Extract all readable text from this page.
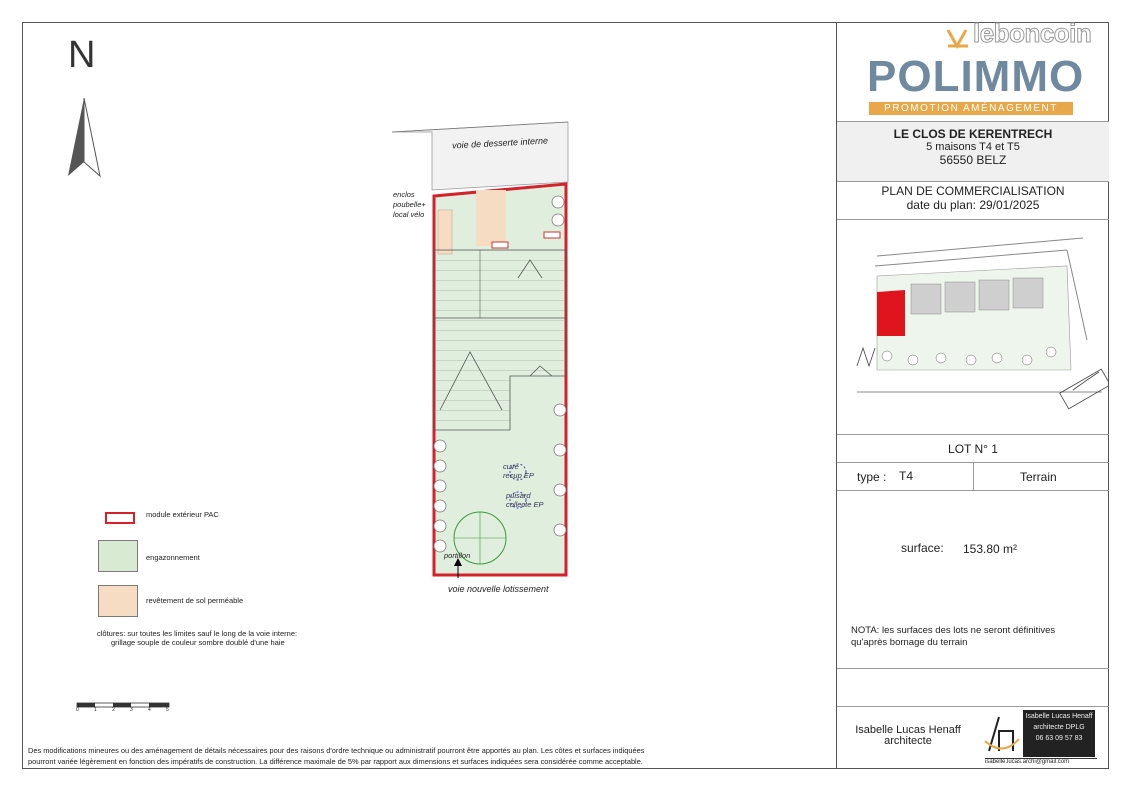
N
voie de desserte interne
enclos
poubelle+
local vélo
cuve
recup EP
puisard
collecte EP
portillon
voie nouvelle lotissement
module extérieur PAC
engazonnement
revêtement de sol perméable
clôtures: sur toutes les limites sauf le long de la voie interne:
grillage souple de couleur sombre doublé d'une haie
0	1	2	3	4	5
Des modifications mineures ou des aménagement de détails nécessaires pour des raisons d'ordre technique ou administratif pourront être apportés au plan. Les côtes et surfaces indiquées
pourront variée légèrement en fonction des impératifs de construction. La différence maximale de 5% par rapport aux dimensions et surfaces indiquées sera considérée comme acceptable.
leboncoin
POLIMMO
PROMOTION AMÉNAGEMENT
LE CLOS DE KERENTRECH
5 maisons T4 et T5
56550 BELZ
PLAN DE COMMERCIALISATION
date du plan: 29/01/2025
LOT N° 1
type : T4	Terrain
surface: 153.80 m²
NOTA: les surfaces des lots ne seront définitives qu'après bornage du terrain
Isabelle Lucas Henaff
architecte
Isabelle Lucas Henaff
architecte DPLG
06 63 09 57 83
isabelle.lucas.archi@gmail.com
